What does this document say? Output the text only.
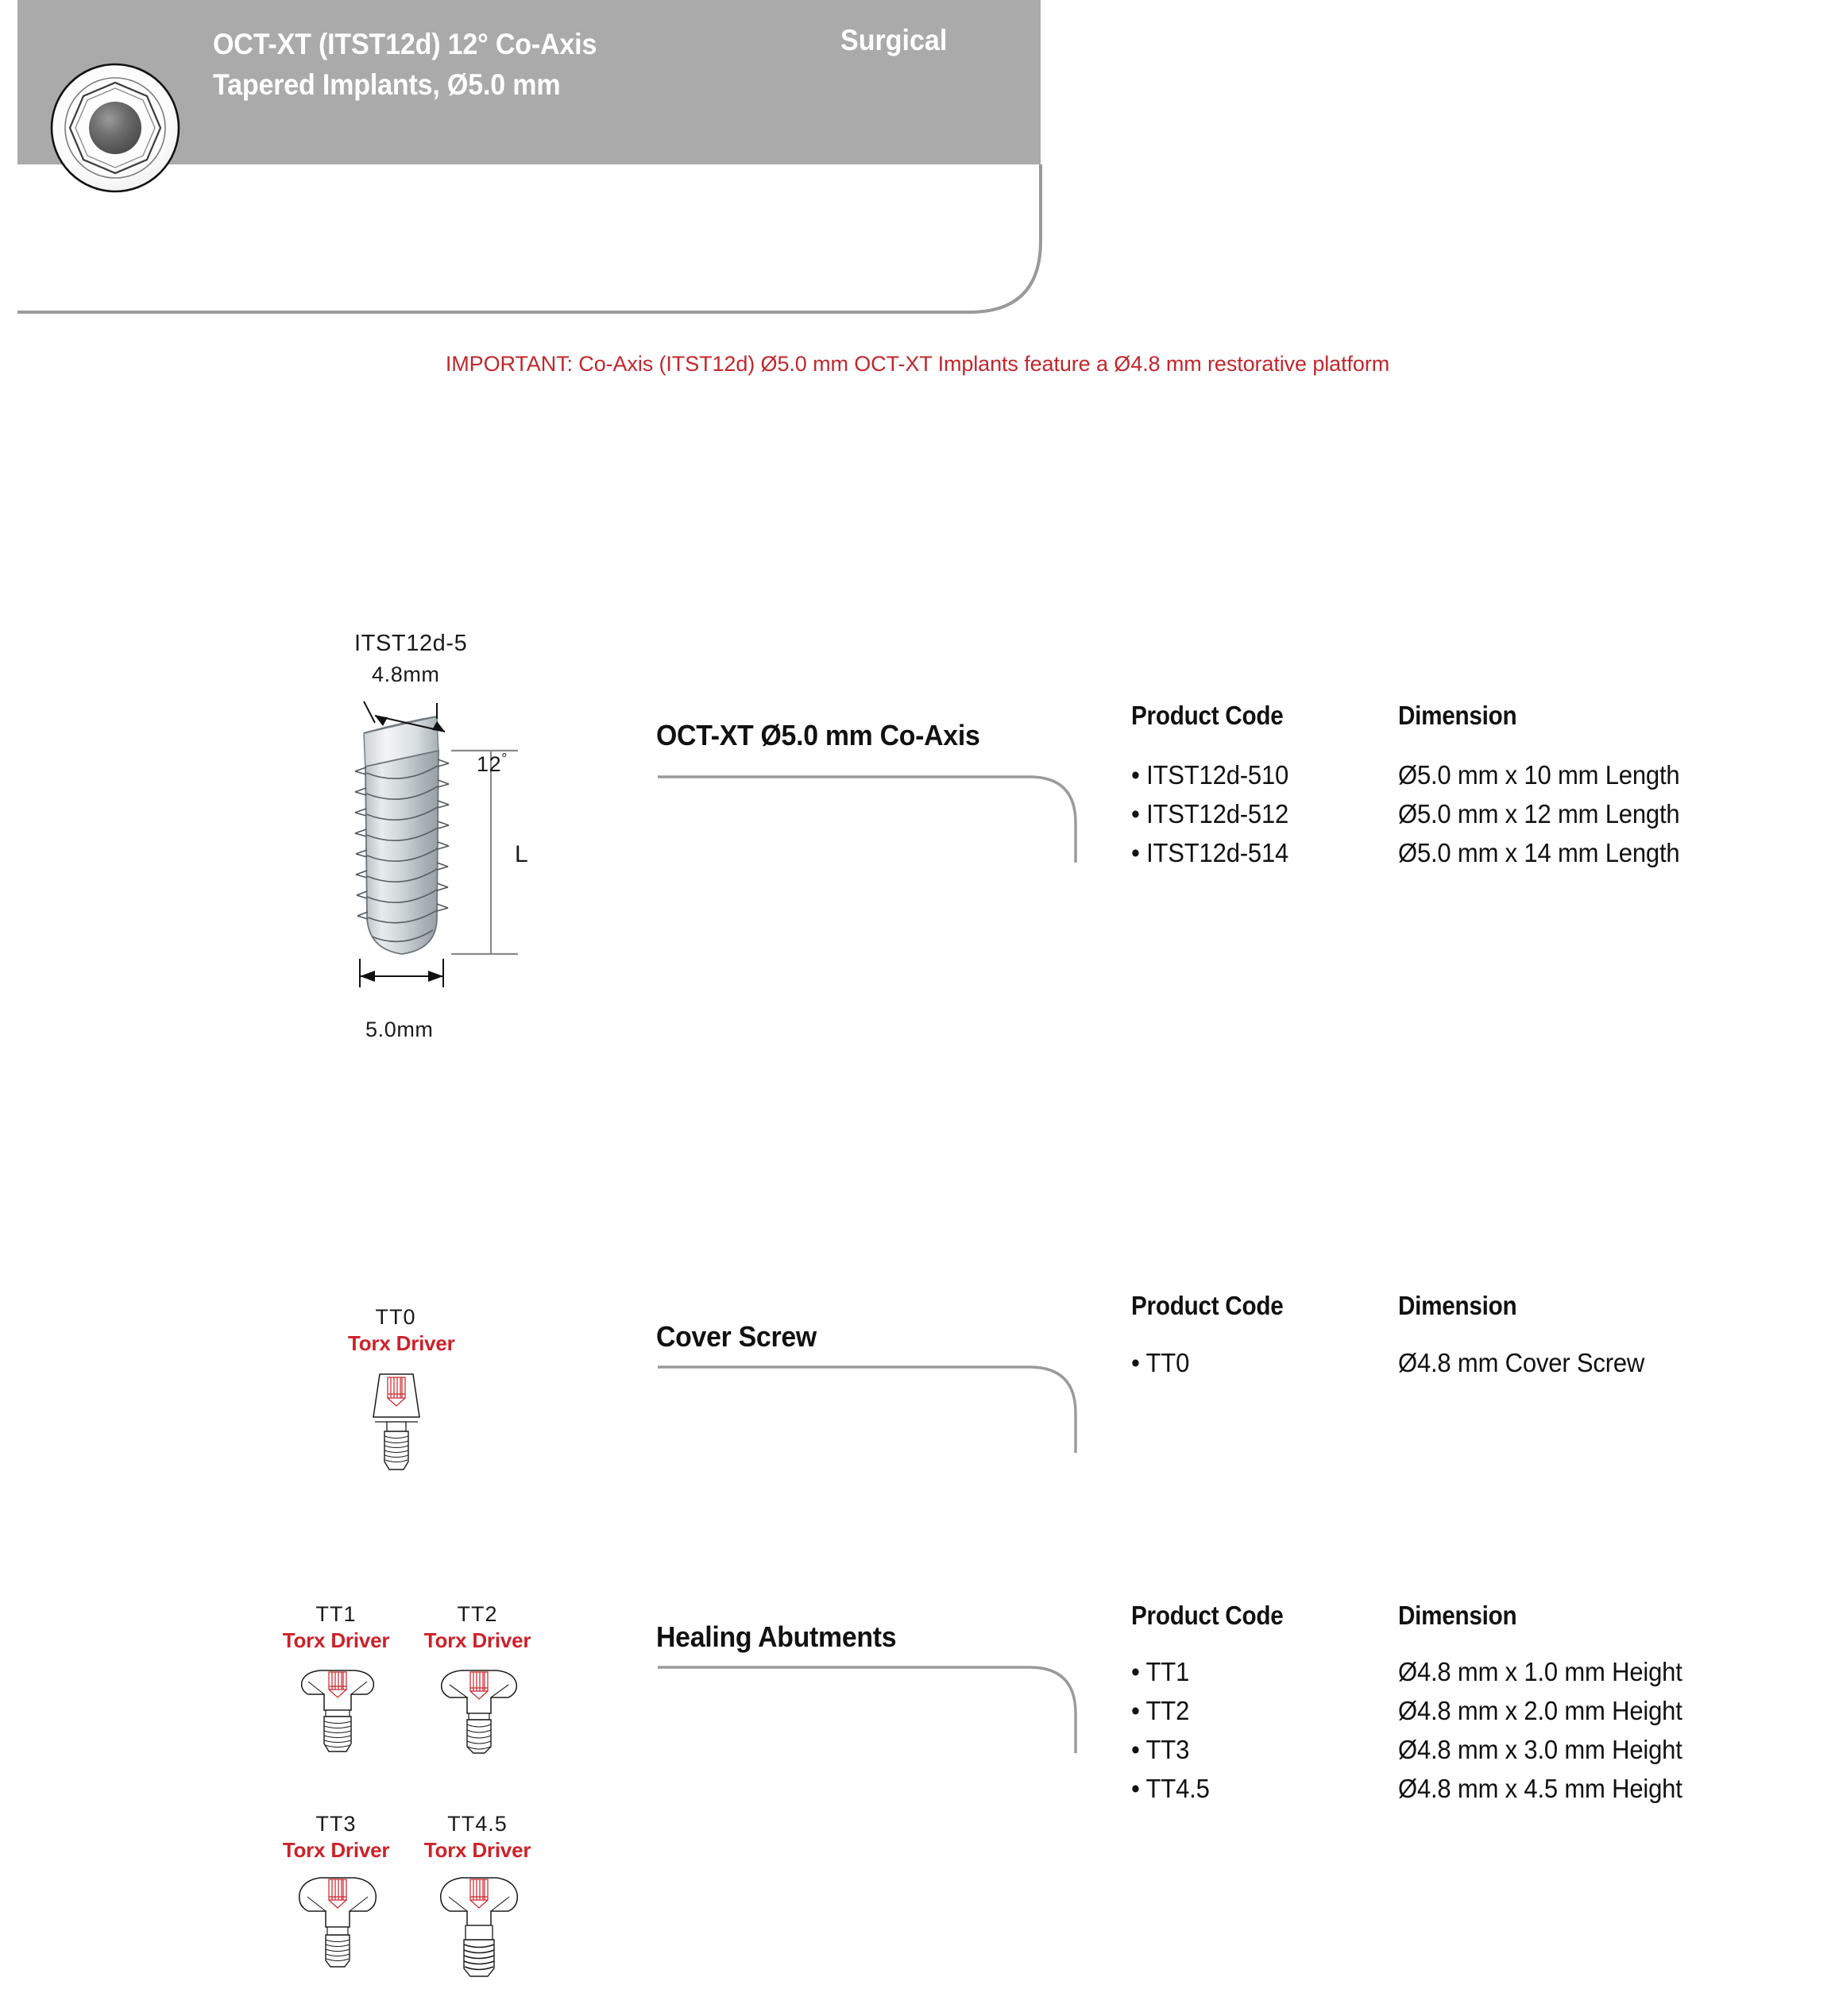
OCT-XT (ITST12d) 12° Co-Axis
Tapered Implants, Ø5.0 mm
Surgical
IMPORTANT: Co-Axis (ITST12d) Ø5.0 mm OCT-XT Implants feature a Ø4.8 mm restorative platform
ITST12d-5
4.8mm
12°
L
5.0mm
OCT-XT Ø5.0 mm Co-Axis
Product Code	Dimension
• ITST12d-510	Ø5.0 mm x 10 mm Length
• ITST12d-512	Ø5.0 mm x 12 mm Length
• ITST12d-514	Ø5.0 mm x 14 mm Length
TT0
Torx Driver	Cover Screw
Product Code	Dimension
• TT0	Ø4.8 mm Cover Screw
TT1
Torx Driver
TT2
Torx Driver
TT3
Torx Driver
TT4.5
Torx Driver
Healing Abutments
Product Code	Dimension
• TT1	Ø4.8 mm x 1.0 mm Height
• TT2	Ø4.8 mm x 2.0 mm Height
• TT3	Ø4.8 mm x 3.0 mm Height
• TT4.5	Ø4.8 mm x 4.5 mm Height
